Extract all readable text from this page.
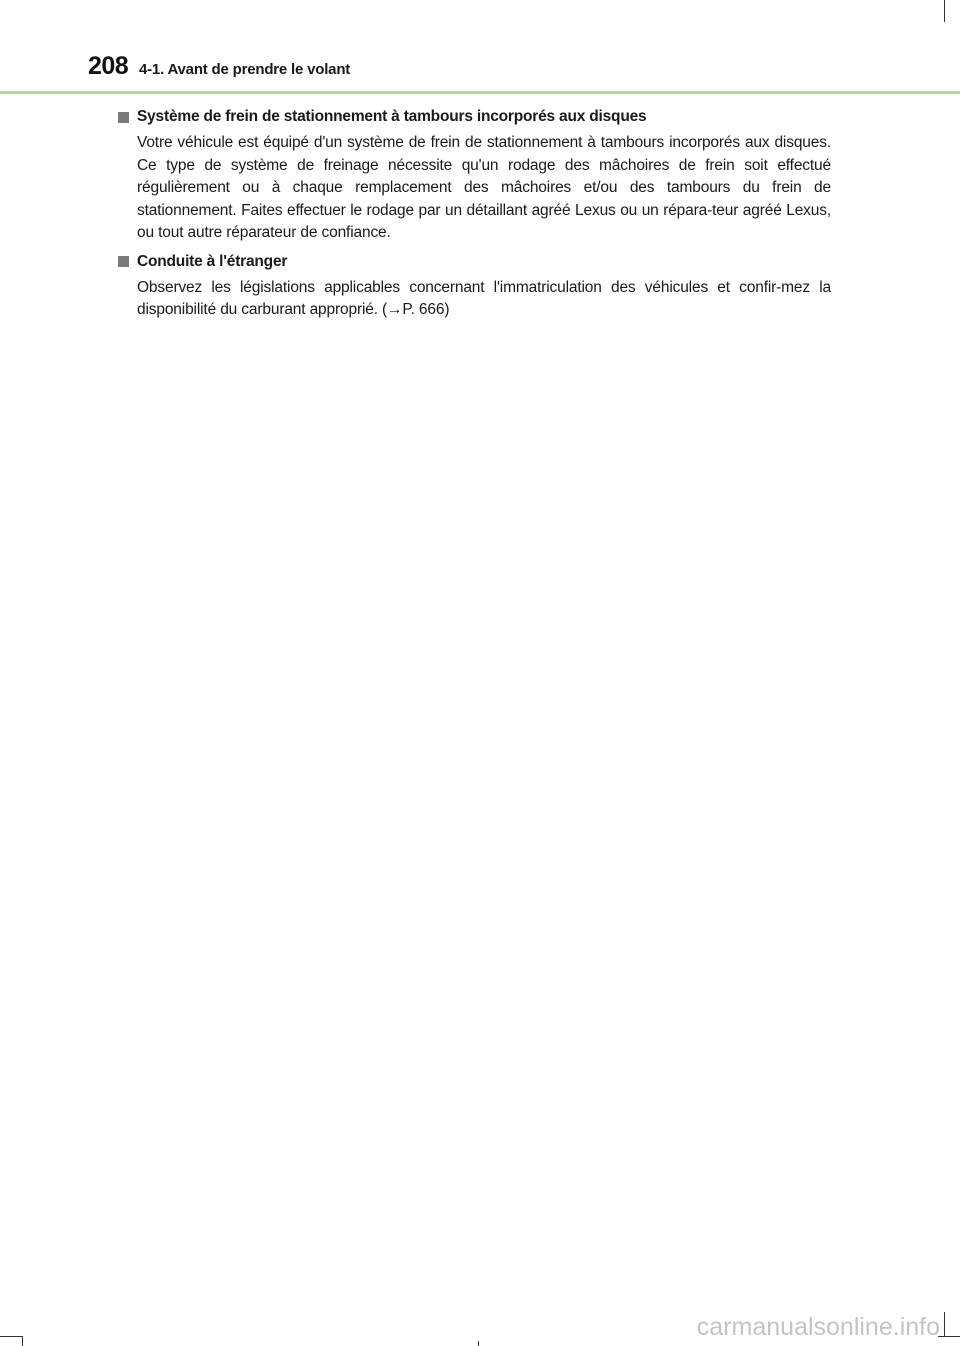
208 4-1. Avant de prendre le volant
Système de frein de stationnement à tambours incorporés aux disques

Votre véhicule est équipé d'un système de frein de stationnement à tambours incorporés aux disques. Ce type de système de freinage nécessite qu'un rodage des mâchoires de frein soit effectué régulièrement ou à chaque remplacement des mâchoires et/ou des tambours du frein de stationnement. Faites effectuer le rodage par un détaillant agréé Lexus ou un répara-teur agréé Lexus, ou tout autre réparateur de confiance.

Conduite à l'étranger

Observez les législations applicables concernant l'immatriculation des véhicules et confir-mez la disponibilité du carburant approprié. (→P. 666)

carmanualsonline.info
